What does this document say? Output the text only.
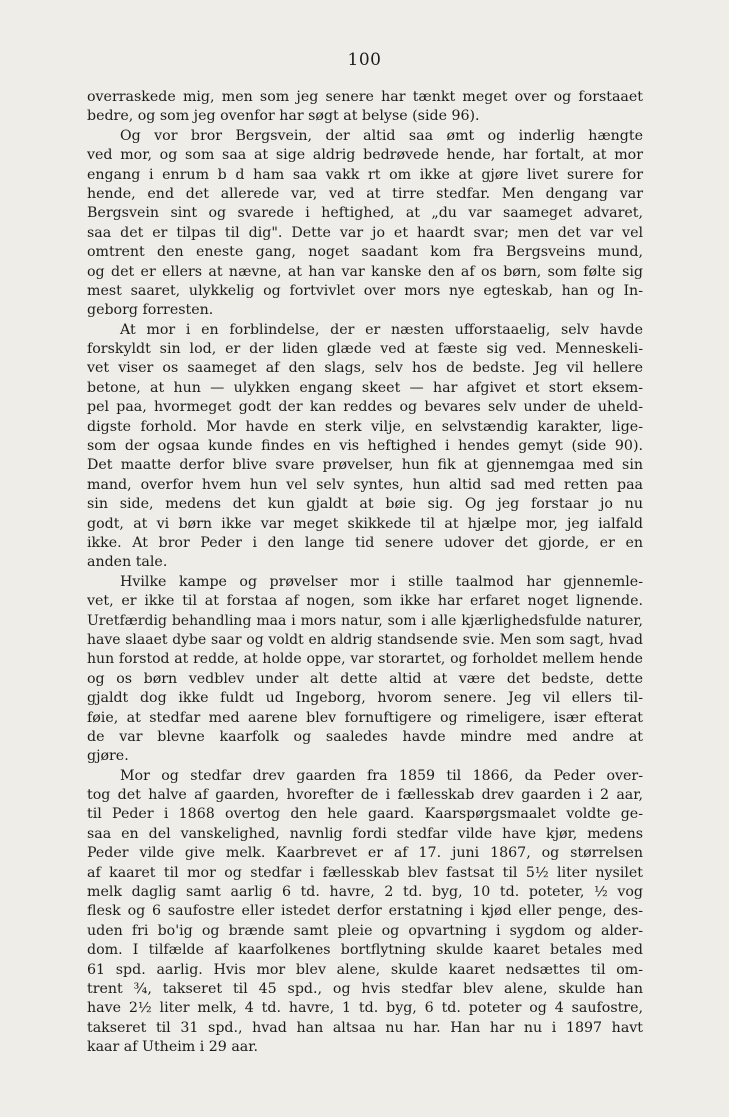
100
overraskede mig, men som jeg senere har tænkt meget over og forstaaet
bedre, og som jeg ovenfor har søgt at belyse (side 96).
Og vor bror Bergsvein, der altid saa ømt og inderlig hængte
ved mor, og som saa at sige aldrig bedrøvede hende, har fortalt, at mor
engang i enrum b d ham saa vakk rt om ikke at gjøre livet surere for
hende, end det allerede var, ved at tirre stedfar. Men dengang var
Bergsvein sint og svarede i heftighed, at „du var saameget advaret,
saa det er tilpas til dig". Dette var jo et haardt svar; men det var vel
omtrent den eneste gang, noget saadant kom fra Bergsveins mund,
og det er ellers at nævne, at han var kanske den af os børn, som følte sig
mest saaret, ulykkelig og fortvivlet over mors nye egteskab, han og In-
geborg forresten.
At mor i en forblindelse, der er næsten ufforstaaelig, selv havde
forskyldt sin lod, er der liden glæde ved at fæste sig ved. Menneskeli-
vet viser os saameget af den slags, selv hos de bedste. Jeg vil hellere
betone, at hun — ulykken engang skeet — har afgivet et stort eksem-
pel paa, hvormeget godt der kan reddes og bevares selv under de uheld-
digste forhold. Mor havde en sterk vilje, en selvstændig karakter, lige-
som der ogsaa kunde findes en vis heftighed i hendes gemyt (side 90).
Det maatte derfor blive svare prøvelser, hun fik at gjennemgaa med sin
mand, overfor hvem hun vel selv syntes, hun altid sad med retten paa
sin side, medens det kun gjaldt at bøie sig. Og jeg forstaar jo nu
godt, at vi børn ikke var meget skikkede til at hjælpe mor, jeg ialfald
ikke. At bror Peder i den lange tid senere udover det gjorde, er en
anden tale.
Hvilke kampe og prøvelser mor i stille taalmod har gjennemle-
vet, er ikke til at forstaa af nogen, som ikke har erfaret noget lignende.
Uretfærdig behandling maa i mors natur, som i alle kjærlighedsfulde naturer,
have slaaet dybe saar og voldt en aldrig standsende svie. Men som sagt, hvad
hun forstod at redde, at holde oppe, var storartet, og forholdet mellem hende
og os børn vedblev under alt dette altid at være det bedste, dette
gjaldt dog ikke fuldt ud Ingeborg, hvorom senere. Jeg vil ellers til-
føie, at stedfar med aarene blev fornuftigere og rimeligere, især efterat
de var blevne kaarfolk og saaledes havde mindre med andre at
gjøre.
Mor og stedfar drev gaarden fra 1859 til 1866, da Peder over-
tog det halve af gaarden, hvorefter de i fællesskab drev gaarden i 2 aar,
til Peder i 1868 overtog den hele gaard. Kaarspørgsmaalet voldte ge-
saa en del vanskelighed, navnlig fordi stedfar vilde have kjør, medens
Peder vilde give melk. Kaarbrevet er af 17. juni 1867, og størrelsen
af kaaret til mor og stedfar i fællesskab blev fastsat til 5½ liter nysilet
melk daglig samt aarlig 6 td. havre, 2 td. byg, 10 td. poteter, ½ vog
flesk og 6 saufostre eller istedet derfor erstatning i kjød eller penge, des-
uden fri bo'ig og brænde samt pleie og opvartning i sygdom og alder-
dom. I tilfælde af kaarfolkenes bortflytning skulde kaaret betales med
61 spd. aarlig. Hvis mor blev alene, skulde kaaret nedsættes til om-
trent ¾, takseret til 45 spd., og hvis stedfar blev alene, skulde han
have 2½ liter melk, 4 td. havre, 1 td. byg, 6 td. poteter og 4 saufostre,
takseret til 31 spd., hvad han altsaa nu har. Han har nu i 1897 havt
kaar af Utheim i 29 aar.
